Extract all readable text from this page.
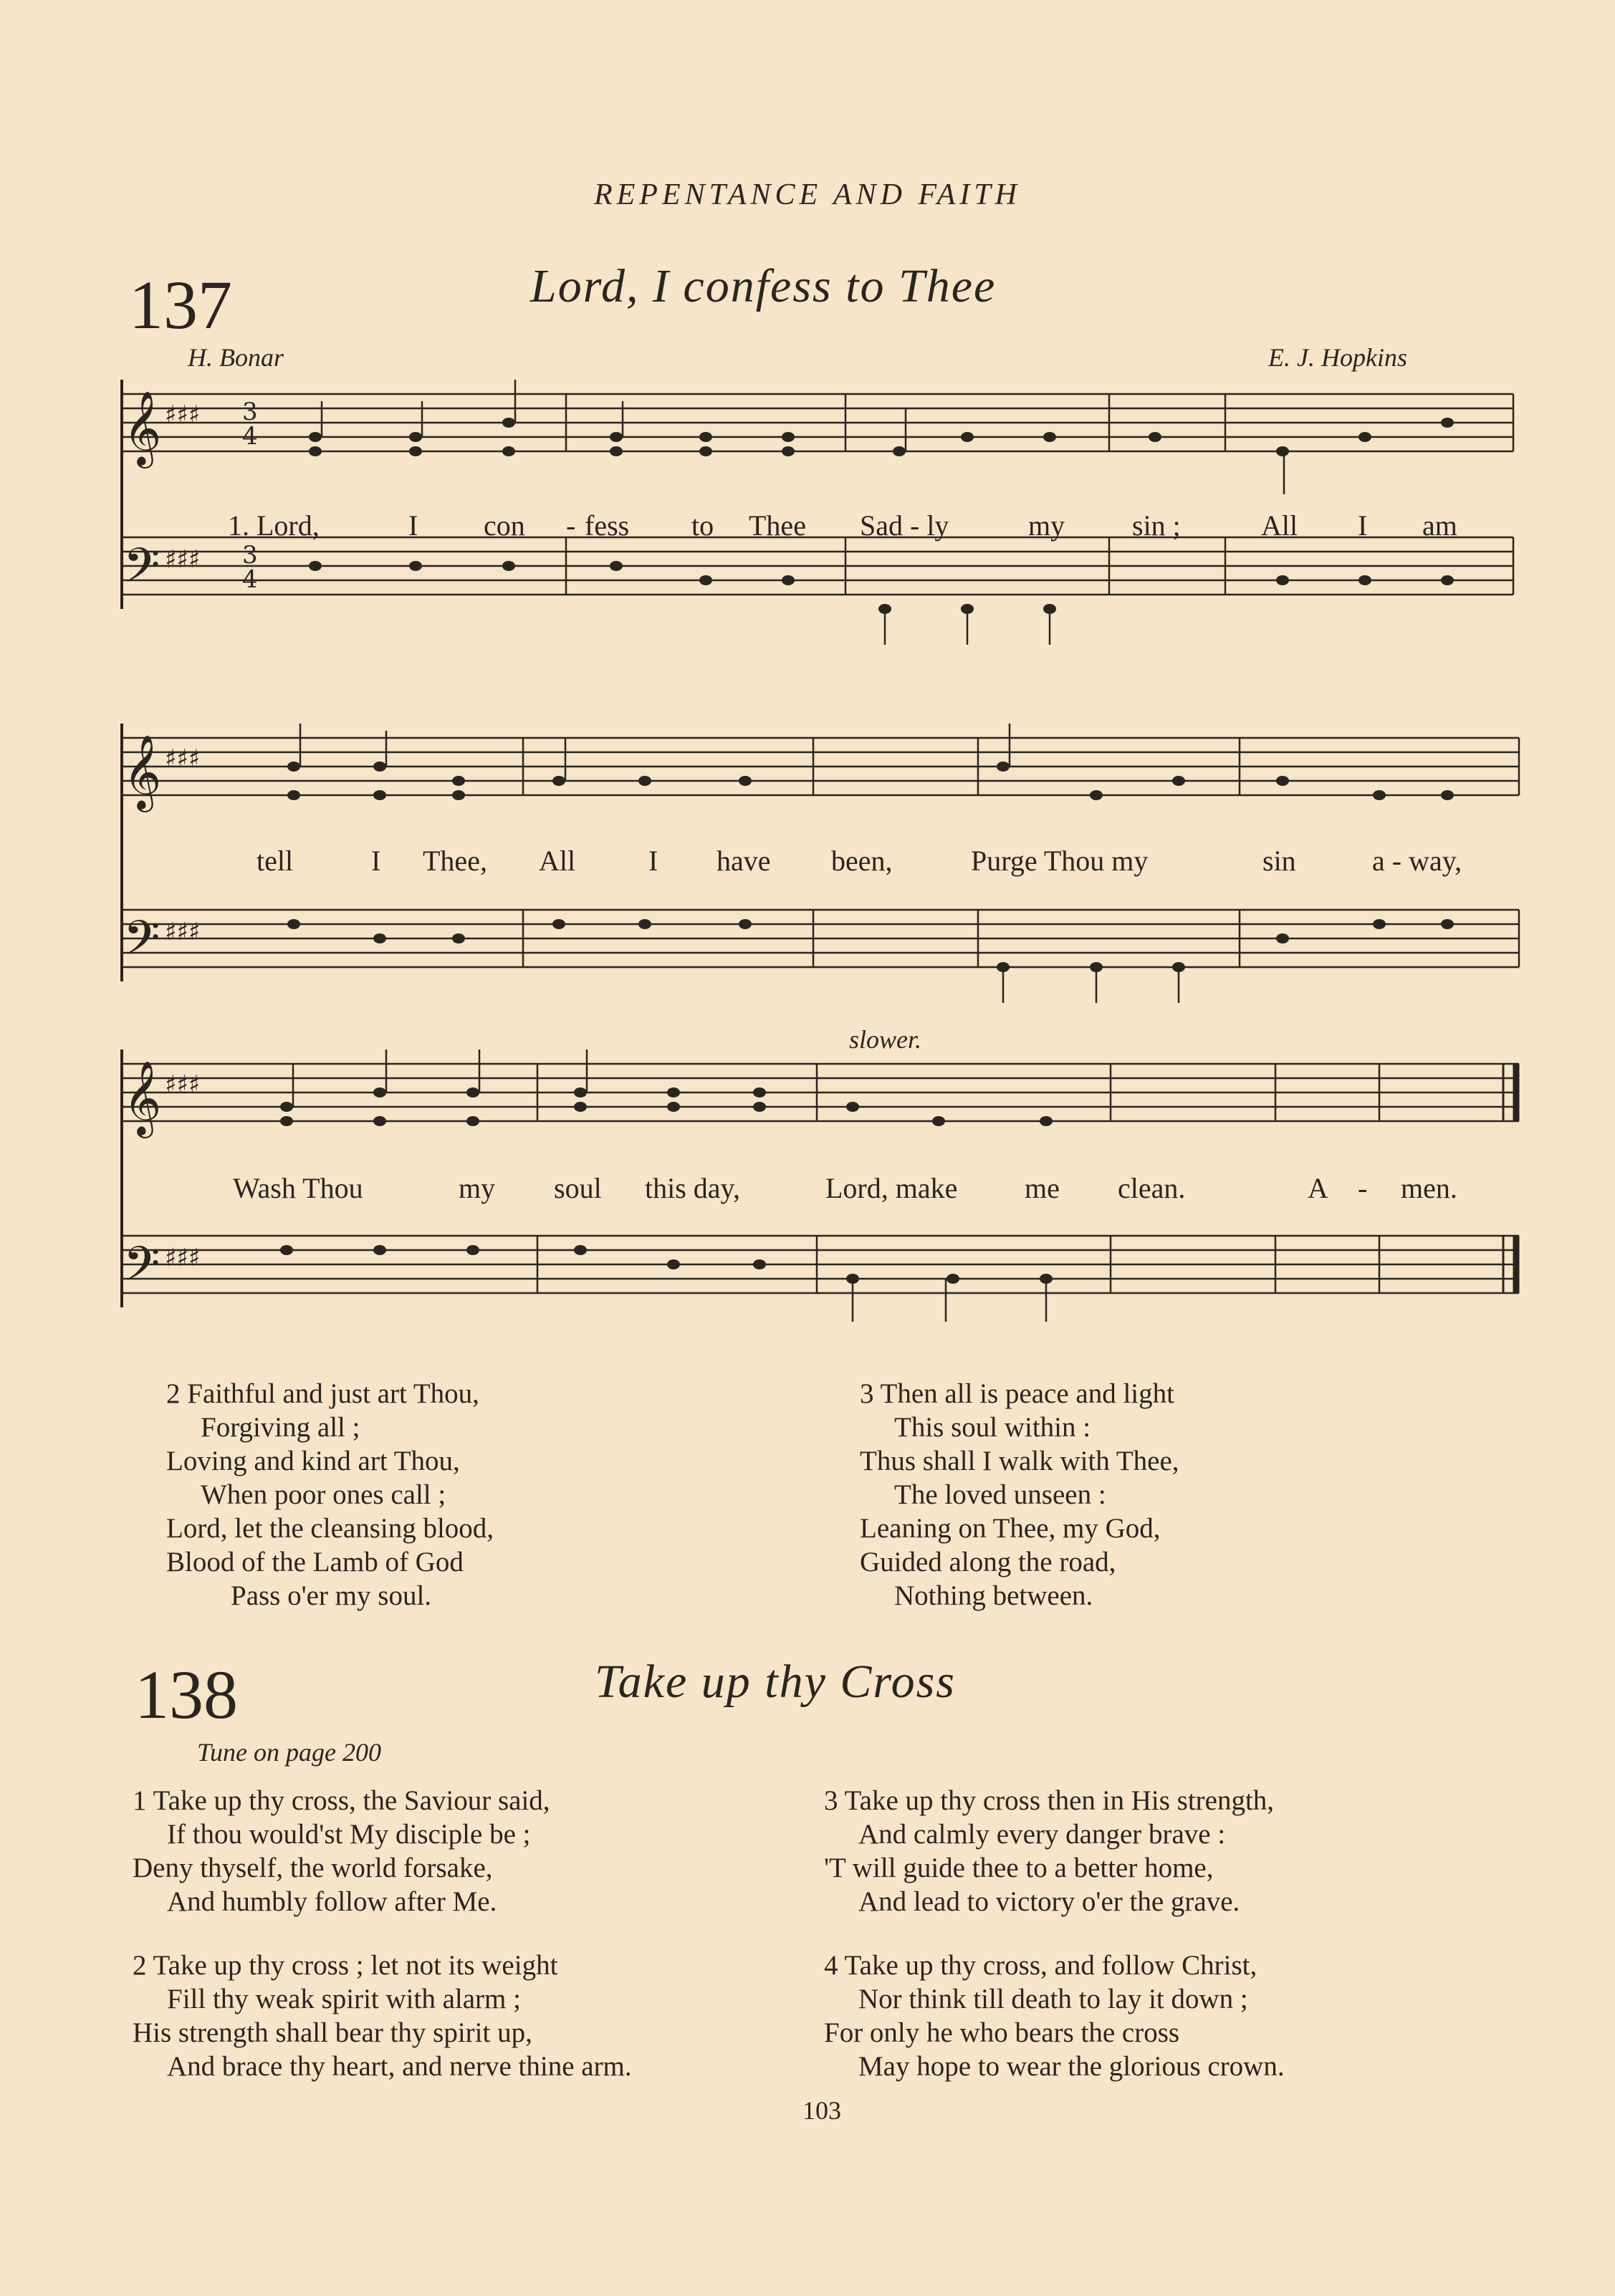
REPENTANCE AND FAITH
137	Lord, I confess to Thee
H. Bonar	E. J. Hopkins
𝄞
𝄢
♯♯♯
♯♯♯
3
4
3
4
1. Lord,	I con - fess to Thee Sad - ly	my sin ;	All I am
𝄞
𝄢
♯♯♯
♯♯♯
tell	I Thee, All	I have been,	Purge Thou my	sin	a - way,
slower.
𝄞
𝄢
♯♯♯
♯♯♯
Wash Thou	my soul this day,	Lord, make me clean.	A - men.
2 Faithful and just art Thou,
Forgiving all ;
Loving and kind art Thou,
When poor ones call ;
Lord, let the cleansing blood,
Blood of the Lamb of God
Pass o'er my soul.
3 Then all is peace and light
This soul within :
Thus shall I walk with Thee,
The loved unseen :
Leaning on Thee, my God,
Guided along the road,
Nothing between.
138	Take up thy Cross
Tune on page 200
1 Take up thy cross, the Saviour said,
If thou would'st My disciple be ;
Deny thyself, the world forsake,
And humbly follow after Me.
2 Take up thy cross ; let not its weight
Fill thy weak spirit with alarm ;
His strength shall bear thy spirit up,
And brace thy heart, and nerve thine arm.
3 Take up thy cross then in His strength,
And calmly every danger brave :
'T will guide thee to a better home,
And lead to victory o'er the grave.
4 Take up thy cross, and follow Christ,
Nor think till death to lay it down ;
For only he who bears the cross
May hope to wear the glorious crown.
103
